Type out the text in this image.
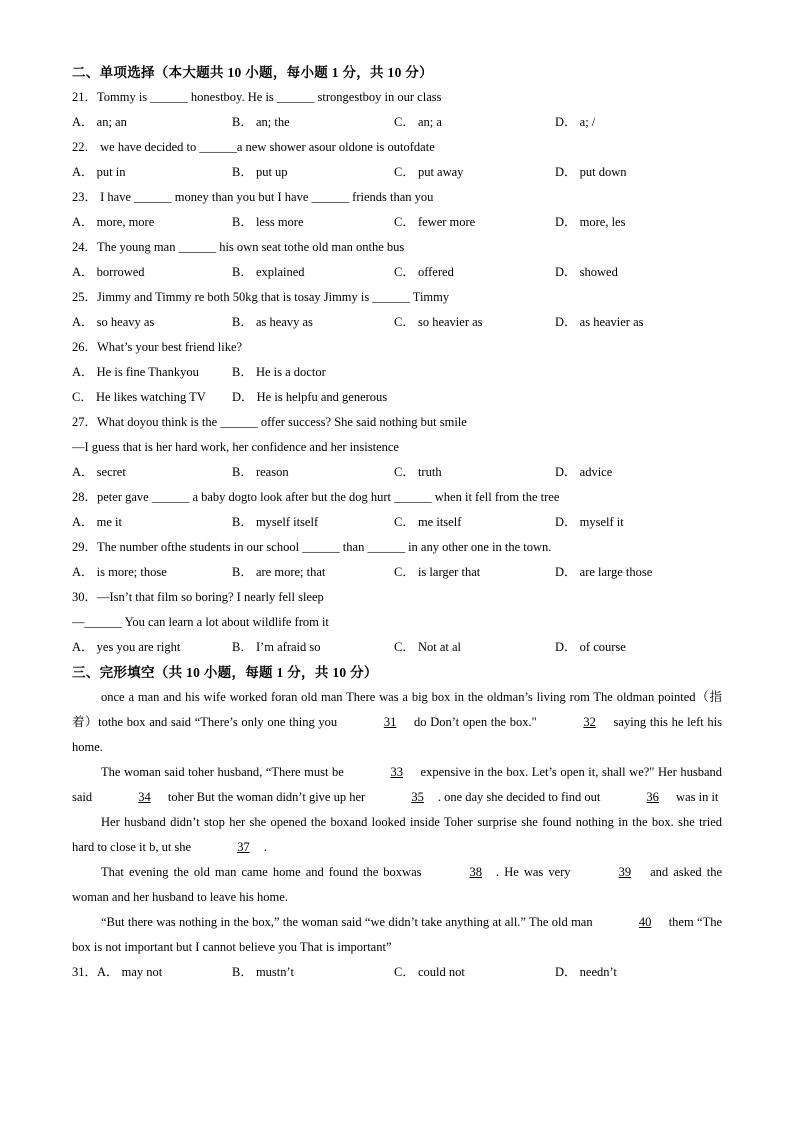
二、单项选择（本大题共 10 小题，每小题 1 分，共 10 分）
21．Tommy is ______ honestboy. He is ______ strongestboy in our class
A． an; an	B． an; the	C． an; a	D． a; /
22． we have decided to ______a new shower asour oldone is outofdate
A． put in	B． put up	C． put away	D． put down
23． I have ______ money than you but I have ______ friends than you
A． more, more	B． less more	C． fewer more	D． more, les
24．The young man ______ his own seat tothe old man onthe bus
A． borrowed	B． explained	C． offered	D． showed
25．Jimmy and Timmy re both 50kg that is tosay Jimmy is ______ Timmy
A． so heavy as	B． as heavy as	C． so heavier as	D． as heavier as
26．What’s your best friend like?
A． He is fine Thankyou	B． He is a doctor
C． He likes watching TV D． He is helpfu and generous
27．What doyou think is the ______ offer success? She said nothing but smile
—I guess that is her hard work, her confidence and her insistence
A． secret	B． reason	C． truth	D． advice
28．peter gave ______ a baby dogto look after but the dog hurt ______ when it fell from the tree
A． me it	B． myself itself	C． me itself	D． myself it
29．The number ofthe students in our school ______ than ______ in any other one in the town.
A． is more; those	B． are more; that	C． is larger that	D． are large those
30．—Isn’t that film so boring? I nearly fell sleep
—______ You can learn a lot about wildlife from it
A． yes you are right	B． I’m afraid so	C． Not at al	D． of course
三、完形填空（共 10 小题，每题 1 分，共 10 分）
once a man and his wife worked foran old man There was a big box in the oldman’s living rom The oldman pointed（指着）tothe box and said “There’s only one thing you	31 do Don’t open the box."	32 saying this he left his home.
The woman said toher husband, “There must be	33 expensive in the box. Let’s open it, shall we?" Her husband said	34 toher But the woman didn’t give up her	35 . one day she decided to find out	36 was in it
Her husband didn’t stop her she opened the boxand looked inside Toher surprise she found nothing in the box. she tried hard to close it b, ut she	37 .
That evening the old man came home and found the boxwas	38 . He was very	39 and asked the woman and her husband to leave his home.
“But there was nothing in the box,” the woman said “we didn’t take anything at all.” The old man	40 them “The box is not important but I cannot believe you That is important”
31．A． may not	B． mustn’t	C． could not	D． needn’t
